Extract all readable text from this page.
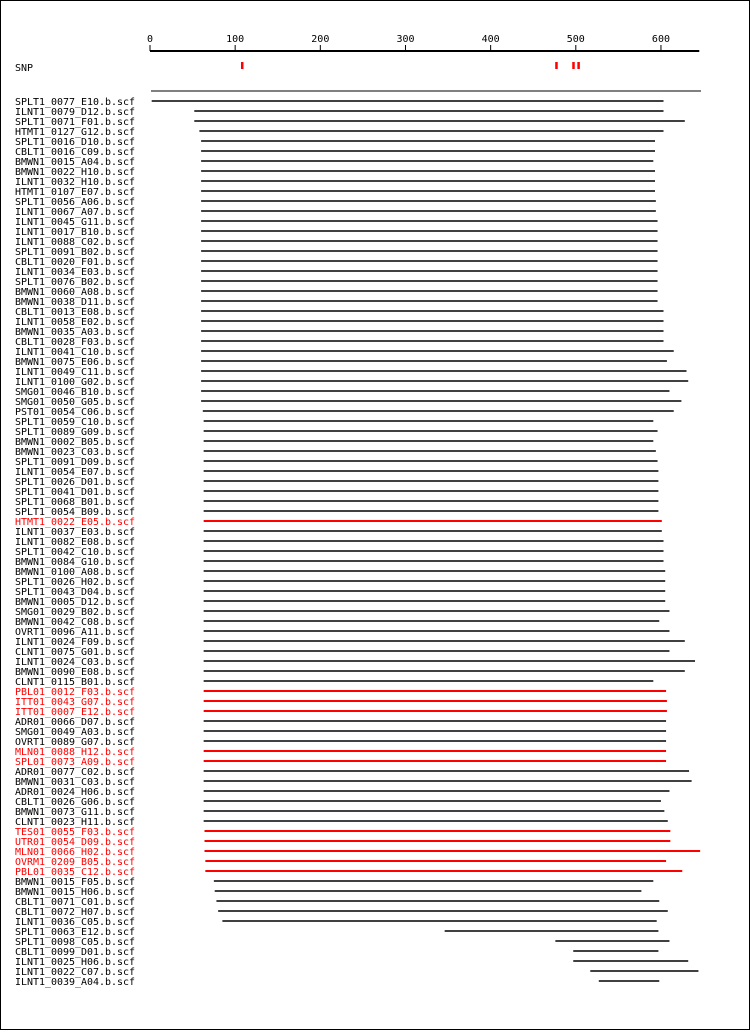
0	100	200	300	400	500	600
SNP
SPLT1_0077_E10.b.scf
ILNT1_0079_D12.b.scf
SPLT1_0071_F01.b.scf
HTMT1_0127_G12.b.scf
SPLT1_0016_D10.b.scf
CBLT1_0016_C09.b.scf
BMWN1_0015_A04.b.scf
BMWN1_0022_H10.b.scf
ILNT1_0032_H10.b.scf
HTMT1_0107_E07.b.scf
SPLT1_0056_A06.b.scf
ILNT1_0067_A07.b.scf
ILNT1_0045_G11.b.scf
ILNT1_0017_B10.b.scf
ILNT1_0088_C02.b.scf
SPLT1_0091_B02.b.scf
CBLT1_0020_F01.b.scf
ILNT1_0034_E03.b.scf
SPLT1_0076_B02.b.scf
BMWN1_0060_A08.b.scf
BMWN1_0038_D11.b.scf
CBLT1_0013_E08.b.scf
ILNT1_0058_E02.b.scf
BMWN1_0035_A03.b.scf
CBLT1_0028_F03.b.scf
ILNT1_0041_C10.b.scf
BMWN1_0075_E06.b.scf
ILNT1_0049_C11.b.scf
ILNT1_0100_G02.b.scf
SMG01_0046_B10.b.scf
SMG01_0050_G05.b.scf
PST01_0054_C06.b.scf
SPLT1_0059_C10.b.scf
SPLT1_0089_G09.b.scf
BMWN1_0002_B05.b.scf
BMWN1_0023_C03.b.scf
SPLT1_0091_D09.b.scf
ILNT1_0054_E07.b.scf
SPLT1_0026_D01.b.scf
SPLT1_0041_D01.b.scf
SPLT1_0068_B01.b.scf
SPLT1_0054_B09.b.scf
HTMT1_0022_E05.b.scf
ILNT1_0037_E03.b.scf
ILNT1_0082_E08.b.scf
SPLT1_0042_C10.b.scf
BMWN1_0084_G10.b.scf
BMWN1_0100_A08.b.scf
SPLT1_0026_H02.b.scf
SPLT1_0043_D04.b.scf
BMWN1_0005_D12.b.scf
SMG01_0029_B02.b.scf
BMWN1_0042_C08.b.scf
OVRT1_0096_A11.b.scf
ILNT1_0024_F09.b.scf
CLNT1_0075_G01.b.scf
ILNT1_0024_C03.b.scf
BMWN1_0090_E08.b.scf
CLNT1_0115_B01.b.scf
PBL01_0012_F03.b.scf
ITT01_0043_G07.b.scf
ITT01_0007_E12.b.scf
ADR01_0066_D07.b.scf
SMG01_0049_A03.b.scf
OVRT1_0089_G07.b.scf
MLN01_0088_H12.b.scf
SPL01_0073_A09.b.scf
ADR01_0077_C02.b.scf
BMWN1_0031_C03.b.scf
ADR01_0024_H06.b.scf
CBLT1_0026_G06.b.scf
BMWN1_0073_G11.b.scf
CLNT1_0023_H11.b.scf
TES01_0055_F03.b.scf
UTR01_0054_D09.b.scf
MLN01_0066_H02.b.scf
OVRM1_0209_B05.b.scf
PBL01_0035_C12.b.scf
BMWN1_0015_F05.b.scf
BMWN1_0015_H06.b.scf
CBLT1_0071_C01.b.scf
CBLT1_0072_H07.b.scf
ILNT1_0036_C05.b.scf
SPLT1_0063_E12.b.scf
SPLT1_0098_C05.b.scf
CBLT1_0099_D01.b.scf
ILNT1_0025_H06.b.scf
ILNT1_0022_C07.b.scf
ILNT1_0039_A04.b.scf
